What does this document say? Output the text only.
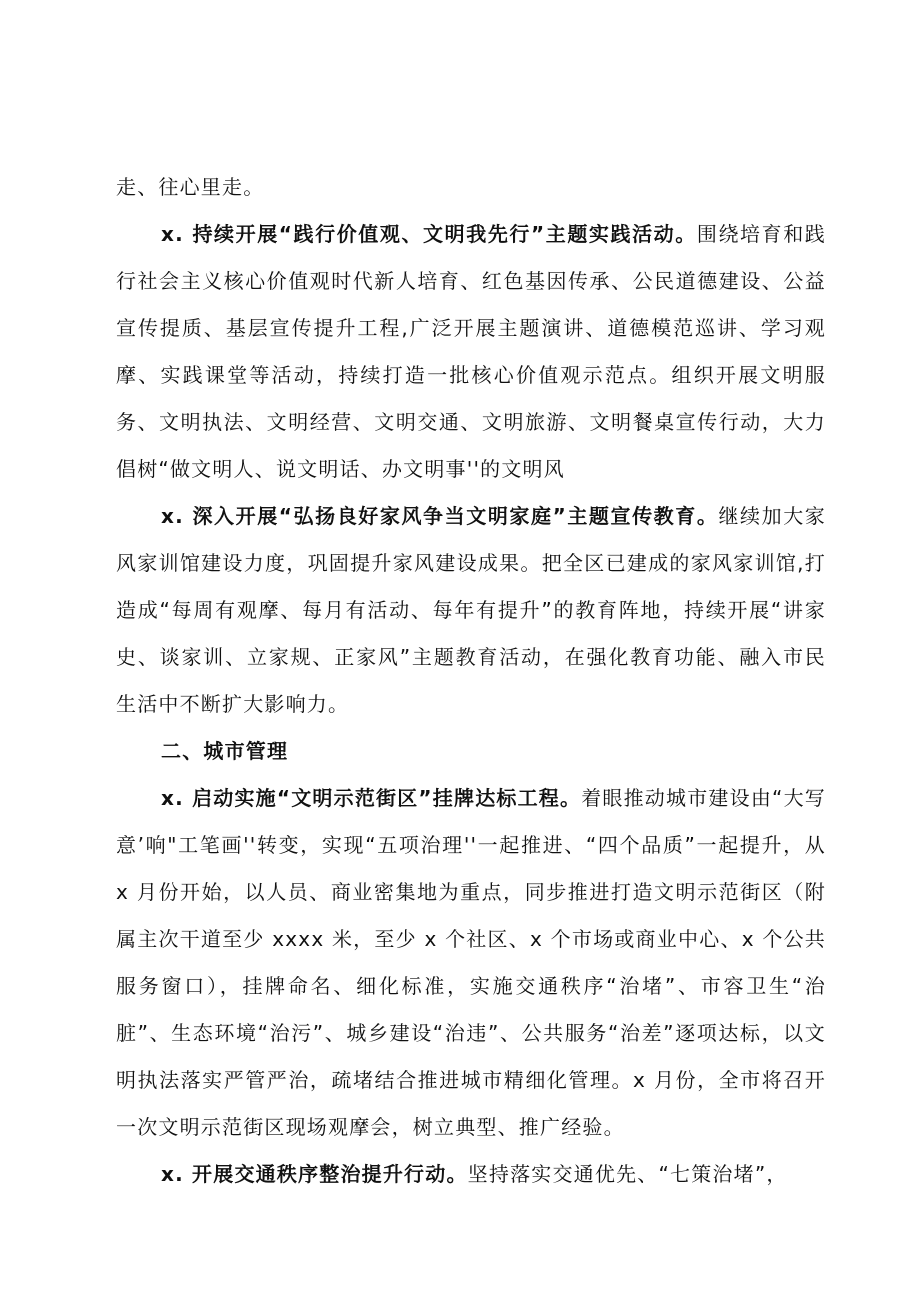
走、往心里走。

x. 持续开展“践行价值观、文明我先行”主题实践活动。围绕培育和践行社会主义核心价值观时代新人培育、红色基因传承、公民道德建设、公益宣传提质、基层宣传提升工程,广泛开展主题演讲、道德模范巡讲、学习观摩、实践课堂等活动，持续打造一批核心价值观示范点。组织开展文明服务、文明执法、文明经营、文明交通、文明旅游、文明餐桌宣传行动，大力倡树“做文明人、说文明话、办文明事''的文明风

x. 深入开展“弘扬良好家风争当文明家庭”主题宣传教育。继续加大家风家训馆建设力度，巩固提升家风建设成果。把全区已建成的家风家训馆,打造成“每周有观摩、每月有活动、每年有提升”的教育阵地，持续开展“讲家史、谈家训、立家规、正家风”主题教育活动，在强化教育功能、融入市民生活中不断扩大影响力。

二、城市管理

x. 启动实施“文明示范街区”挂牌达标工程。着眼推动城市建设由“大写意’响"工笔画''转变，实现“五项治理''一起推进、“四个品质”一起提升，从 x 月份开始，以人员、商业密集地为重点，同步推进打造文明示范街区（附属主次干道至少 xxxx 米，至少 x 个社区、x 个市场或商业中心、x 个公共服务窗口），挂牌命名、细化标准，实施交通秩序“治堵”、市容卫生“治脏”、生态环境“治污”、城乡建设“治违”、公共服务“治差”逐项达标，以文明执法落实严管严治，疏堵结合推进城市精细化管理。x 月份，全市将召开一次文明示范街区现场观摩会，树立典型、推广经验。

x. 开展交通秩序整治提升行动。坚持落实交通优先、“七策治堵”，
